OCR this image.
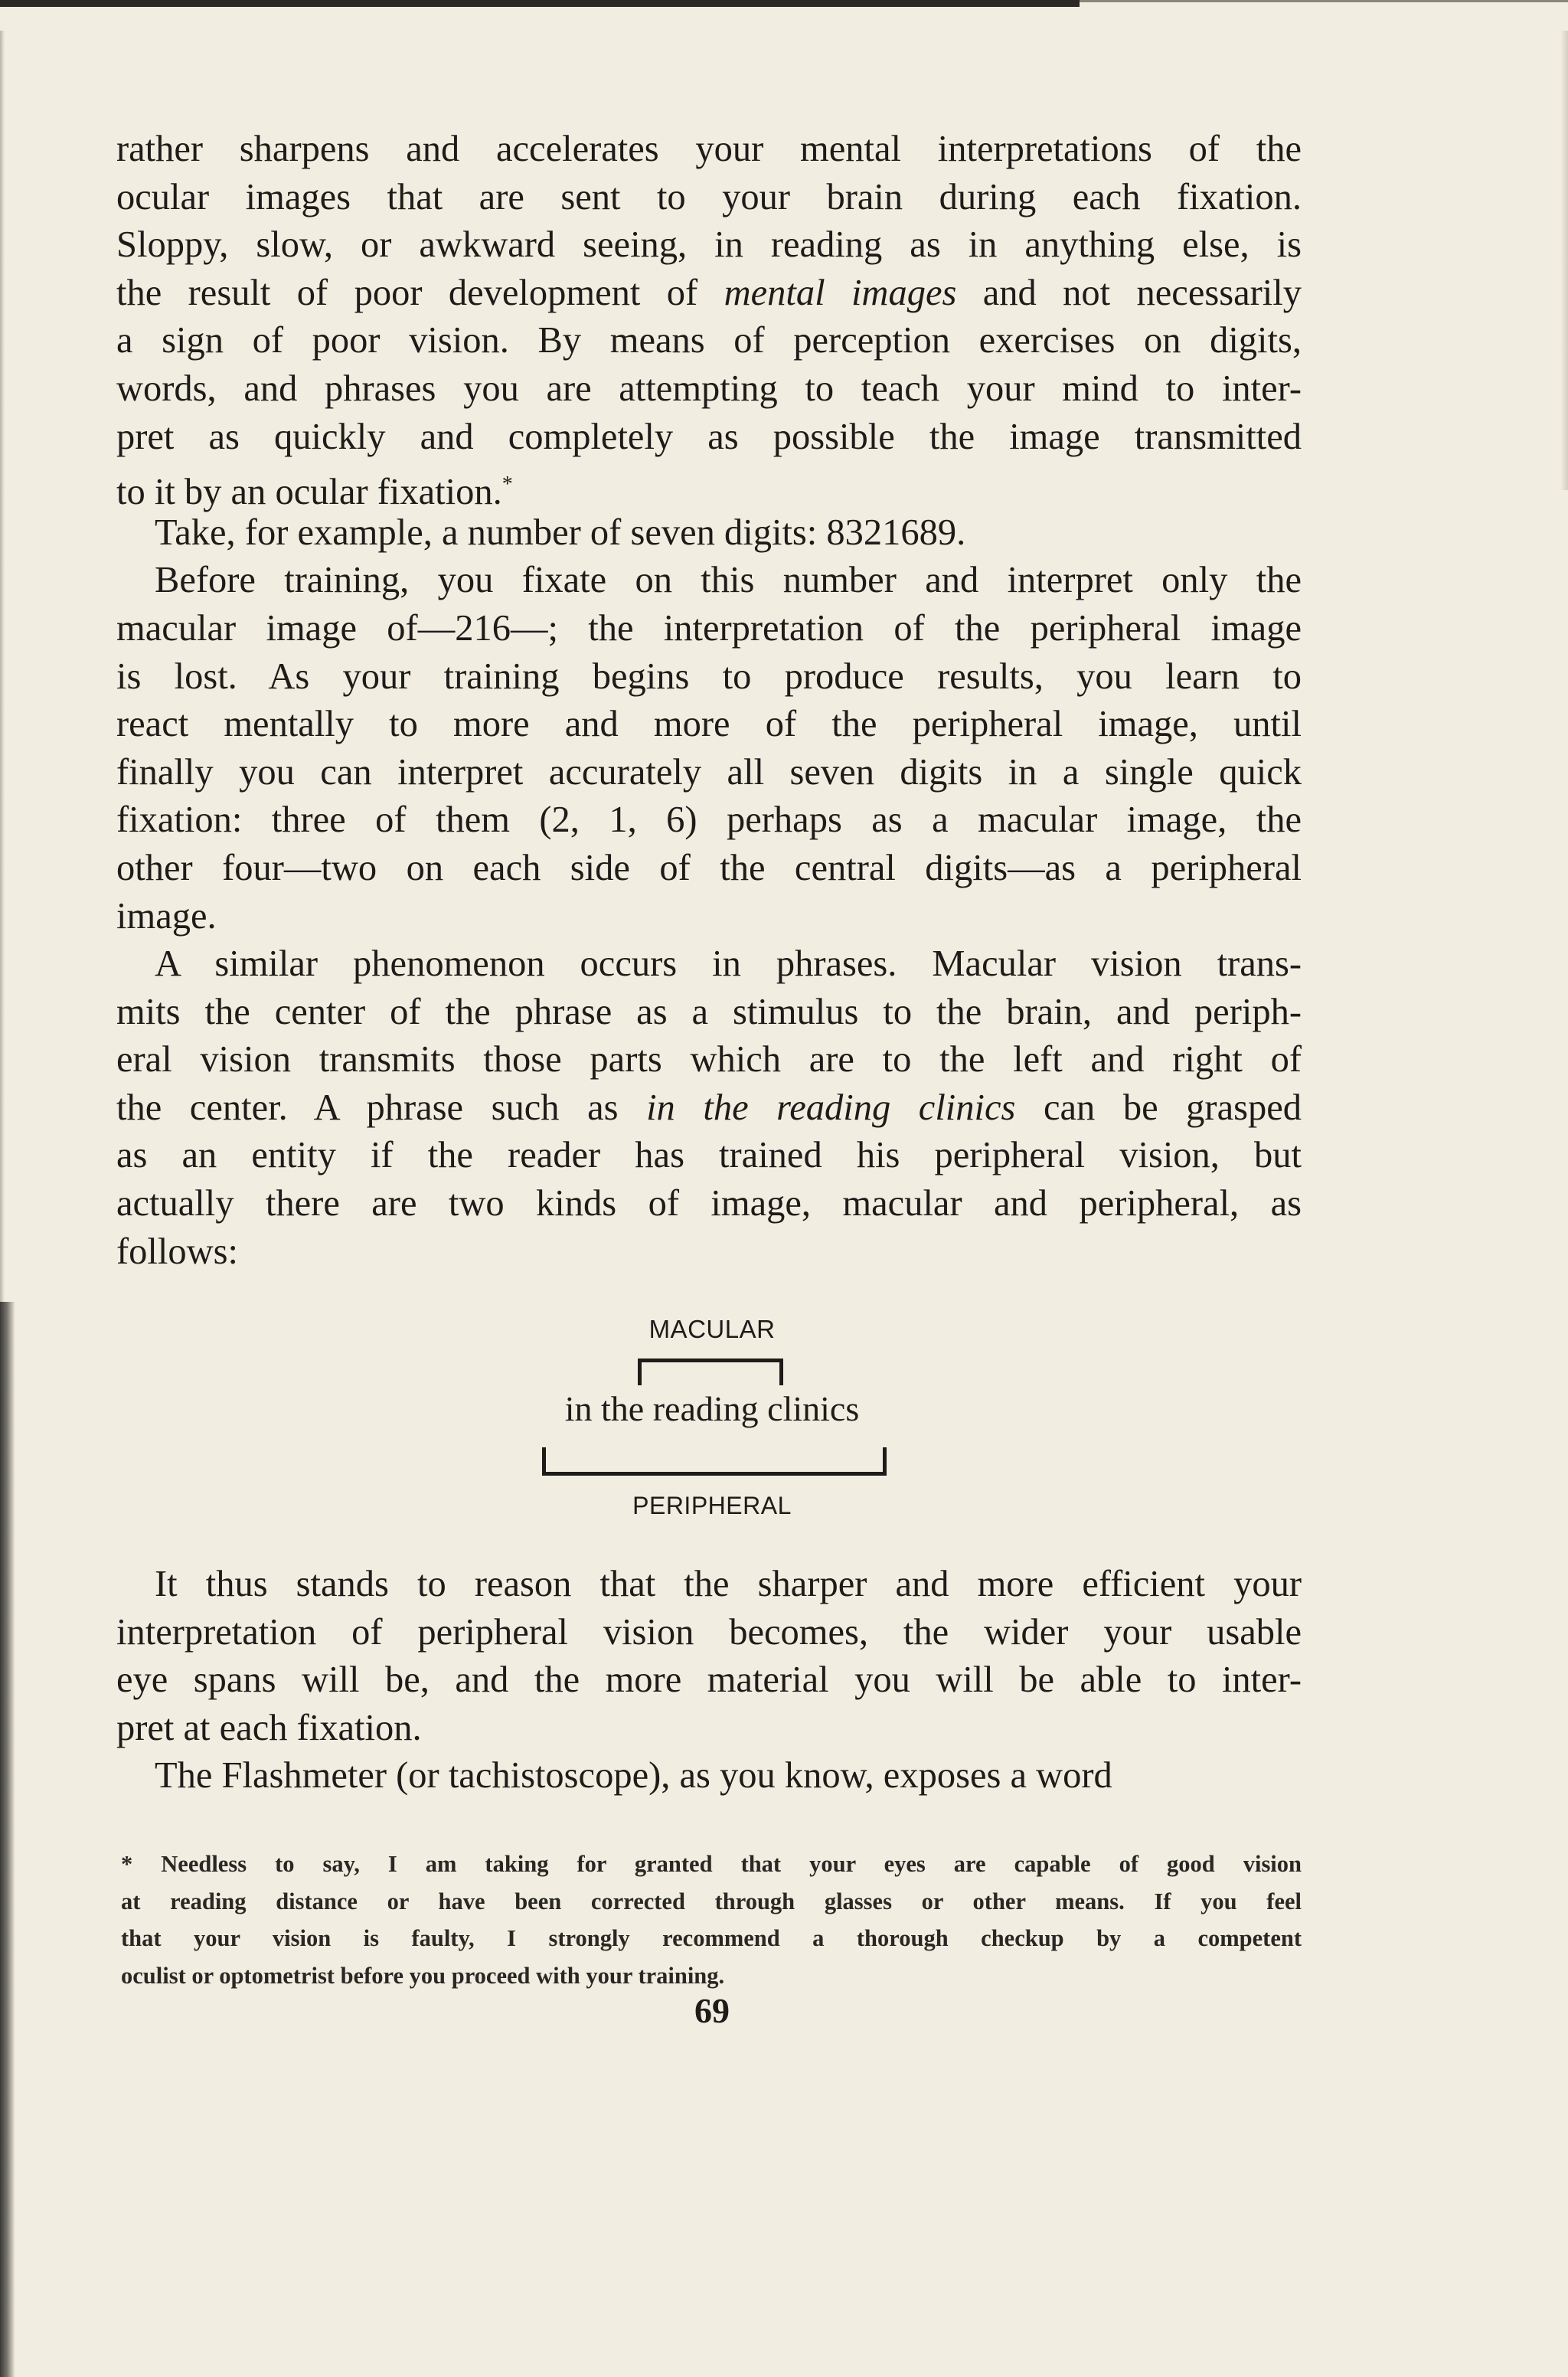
rather sharpens and accelerates your mental interpretations of the
ocular images that are sent to your brain during each fixation.
Sloppy, slow, or awkward seeing, in reading as in anything else, is
the result of poor development of mental images and not necessarily
a sign of poor vision. By means of perception exercises on digits,
words, and phrases you are attempting to teach your mind to inter-
pret as quickly and completely as possible the image transmitted
to it by an ocular fixation.*
Take, for example, a number of seven digits: 8321689.
Before training, you fixate on this number and interpret only the
macular image of—216—; the interpretation of the peripheral image
is lost. As your training begins to produce results, you learn to
react mentally to more and more of the peripheral image, until
finally you can interpret accurately all seven digits in a single quick
fixation: three of them (2, 1, 6) perhaps as a macular image, the
other four—two on each side of the central digits—as a peripheral
image.
A similar phenomenon occurs in phrases. Macular vision trans-
mits the center of the phrase as a stimulus to the brain, and periph-
eral vision transmits those parts which are to the left and right of
the center. A phrase such as in the reading clinics can be grasped
as an entity if the reader has trained his peripheral vision, but
actually there are two kinds of image, macular and peripheral, as
follows:
MACULAR
in the reading clinics
PERIPHERAL
It thus stands to reason that the sharper and more efficient your
interpretation of peripheral vision becomes, the wider your usable
eye spans will be, and the more material you will be able to inter-
pret at each fixation.
The Flashmeter (or tachistoscope), as you know, exposes a word
* Needless to say, I am taking for granted that your eyes are capable of good vision
at reading distance or have been corrected through glasses or other means. If you feel
that your vision is faulty, I strongly recommend a thorough checkup by a competent
oculist or optometrist before you proceed with your training.
69
